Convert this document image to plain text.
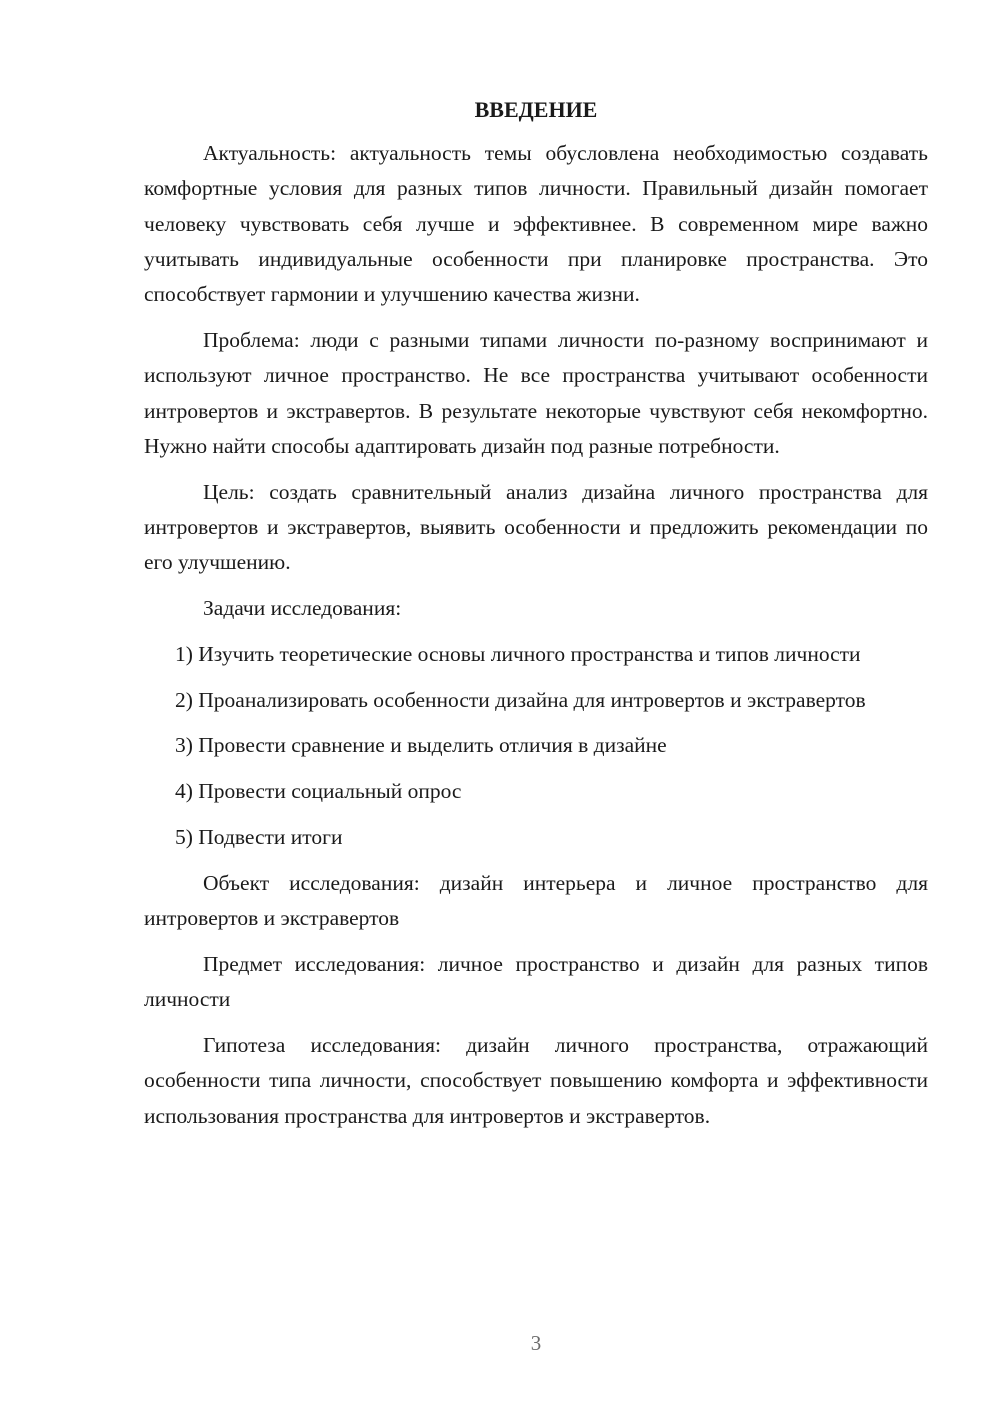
ВВЕДЕНИЕ

Актуальность: актуальность темы обусловлена необходимостью создавать комфортные условия для разных типов личности. Правильный дизайн помогает человеку чувствовать себя лучше и эффективнее. В современном мире важно учитывать индивидуальные особенности при планировке пространства. Это способствует гармонии и улучшению качества жизни.

Проблема: люди с разными типами личности по-разному воспринимают и используют личное пространство. Не все пространства учитывают особенности интровертов и экстравертов. В результате некоторые чувствуют себя некомфортно. Нужно найти способы адаптировать дизайн под разные потребности.

Цель: создать сравнительный анализ дизайна личного пространства для интровертов и экстравертов, выявить особенности и предложить рекомендации по его улучшению.

Задачи исследования:

1) Изучить теоретические основы личного пространства и типов личности

2) Проанализировать особенности дизайна для интровертов и экстравертов

3) Провести сравнение и выделить отличия в дизайне

4) Провести социальный опрос

5) Подвести итоги

Объект исследования: дизайн интерьера и личное пространство для интровертов и экстравертов

Предмет исследования: личное пространство и дизайн для разных типов личности

Гипотеза исследования: дизайн личного пространства, отражающий особенности типа личности, способствует повышению комфорта и эффективности использования пространства для интровертов и экстравертов.

3
